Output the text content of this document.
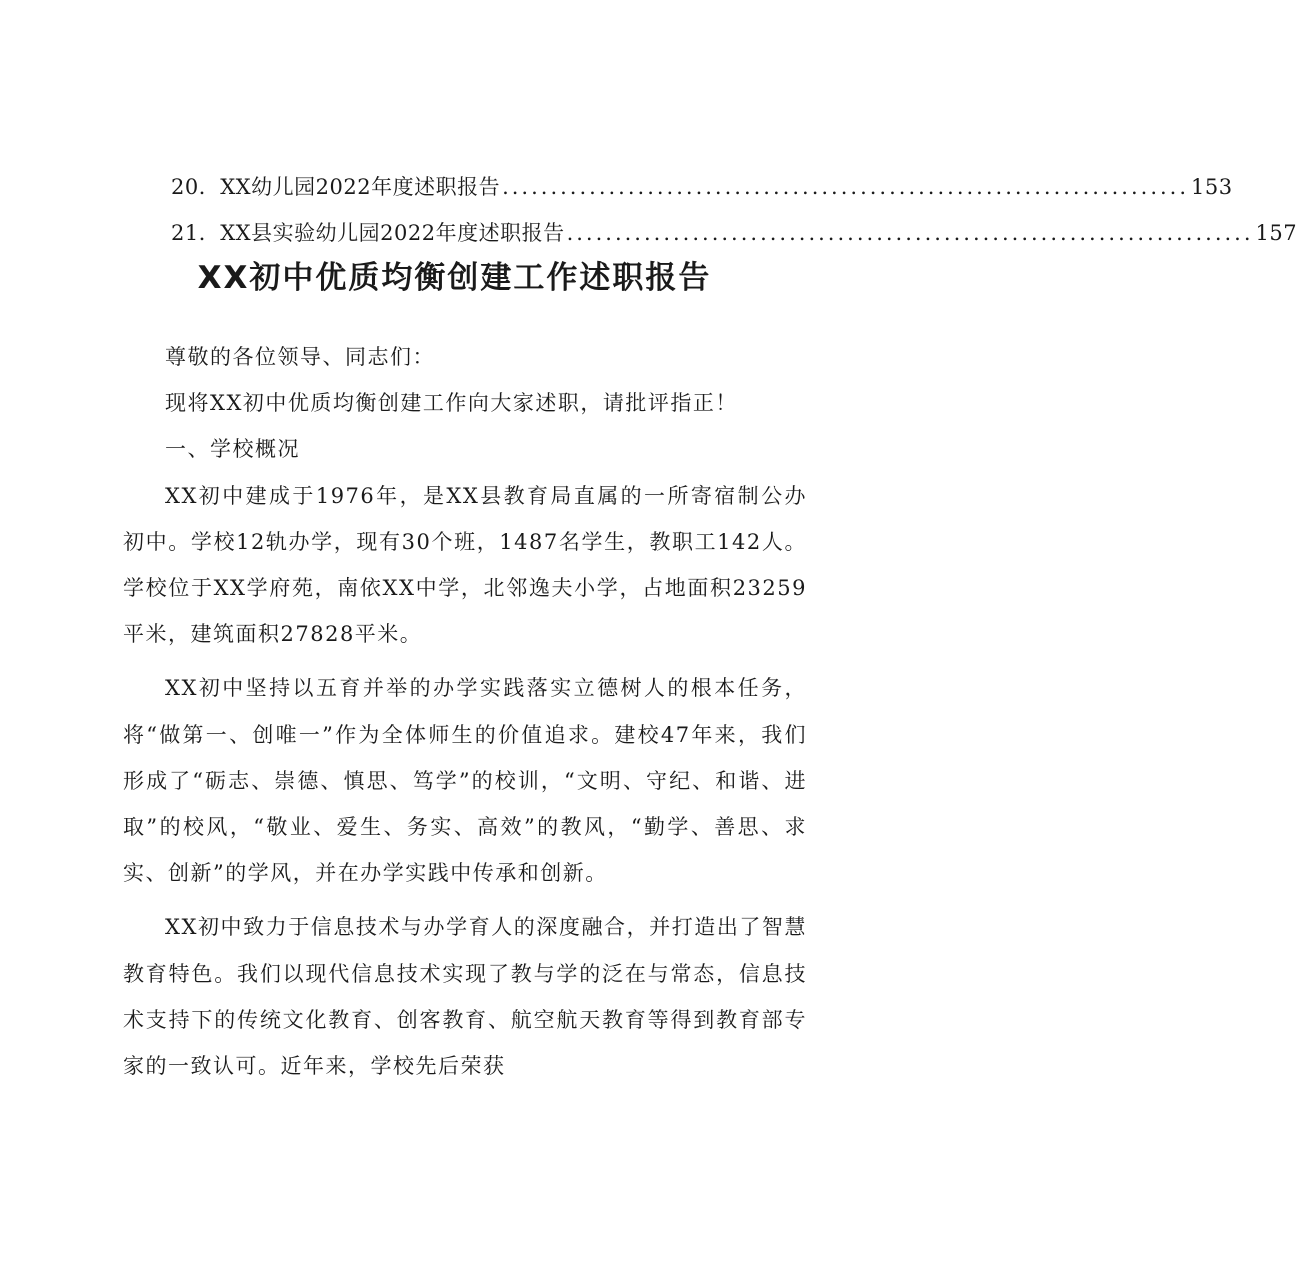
20．XX幼儿园2022年度述职报告 ....................................................................... 153
21．XX县实验幼儿园2022年度述职报告 ....................................................................... 157
XX初中优质均衡创建工作述职报告

尊敬的各位领导、同志们：

现将XX初中优质均衡创建工作向大家述职，请批评指正！

一、学校概况

XX初中建成于1976年，是XX县教育局直属的一所寄宿制公办初中。学校12轨办学，现有30个班，1487名学生，教职工142人。学校位于XX学府苑，南依XX中学，北邻逸夫小学，占地面积23259平米，建筑面积27828平米。

XX初中坚持以五育并举的办学实践落实立德树人的根本任务，将“做第一、创唯一”作为全体师生的价值追求。建校47年来，我们形成了“砺志、崇德、慎思、笃学”的校训，“文明、守纪、和谐、进取”的校风，“敬业、爱生、务实、高效”的教风，“勤学、善思、求实、创新”的学风，并在办学实践中传承和创新。

XX初中致力于信息技术与办学育人的深度融合，并打造出了智慧教育特色。我们以现代信息技术实现了教与学的泛在与常态，信息技术支持下的传统文化教育、创客教育、航空航天教育等得到教育部专家的一致认可。近年来，学校先后荣获
